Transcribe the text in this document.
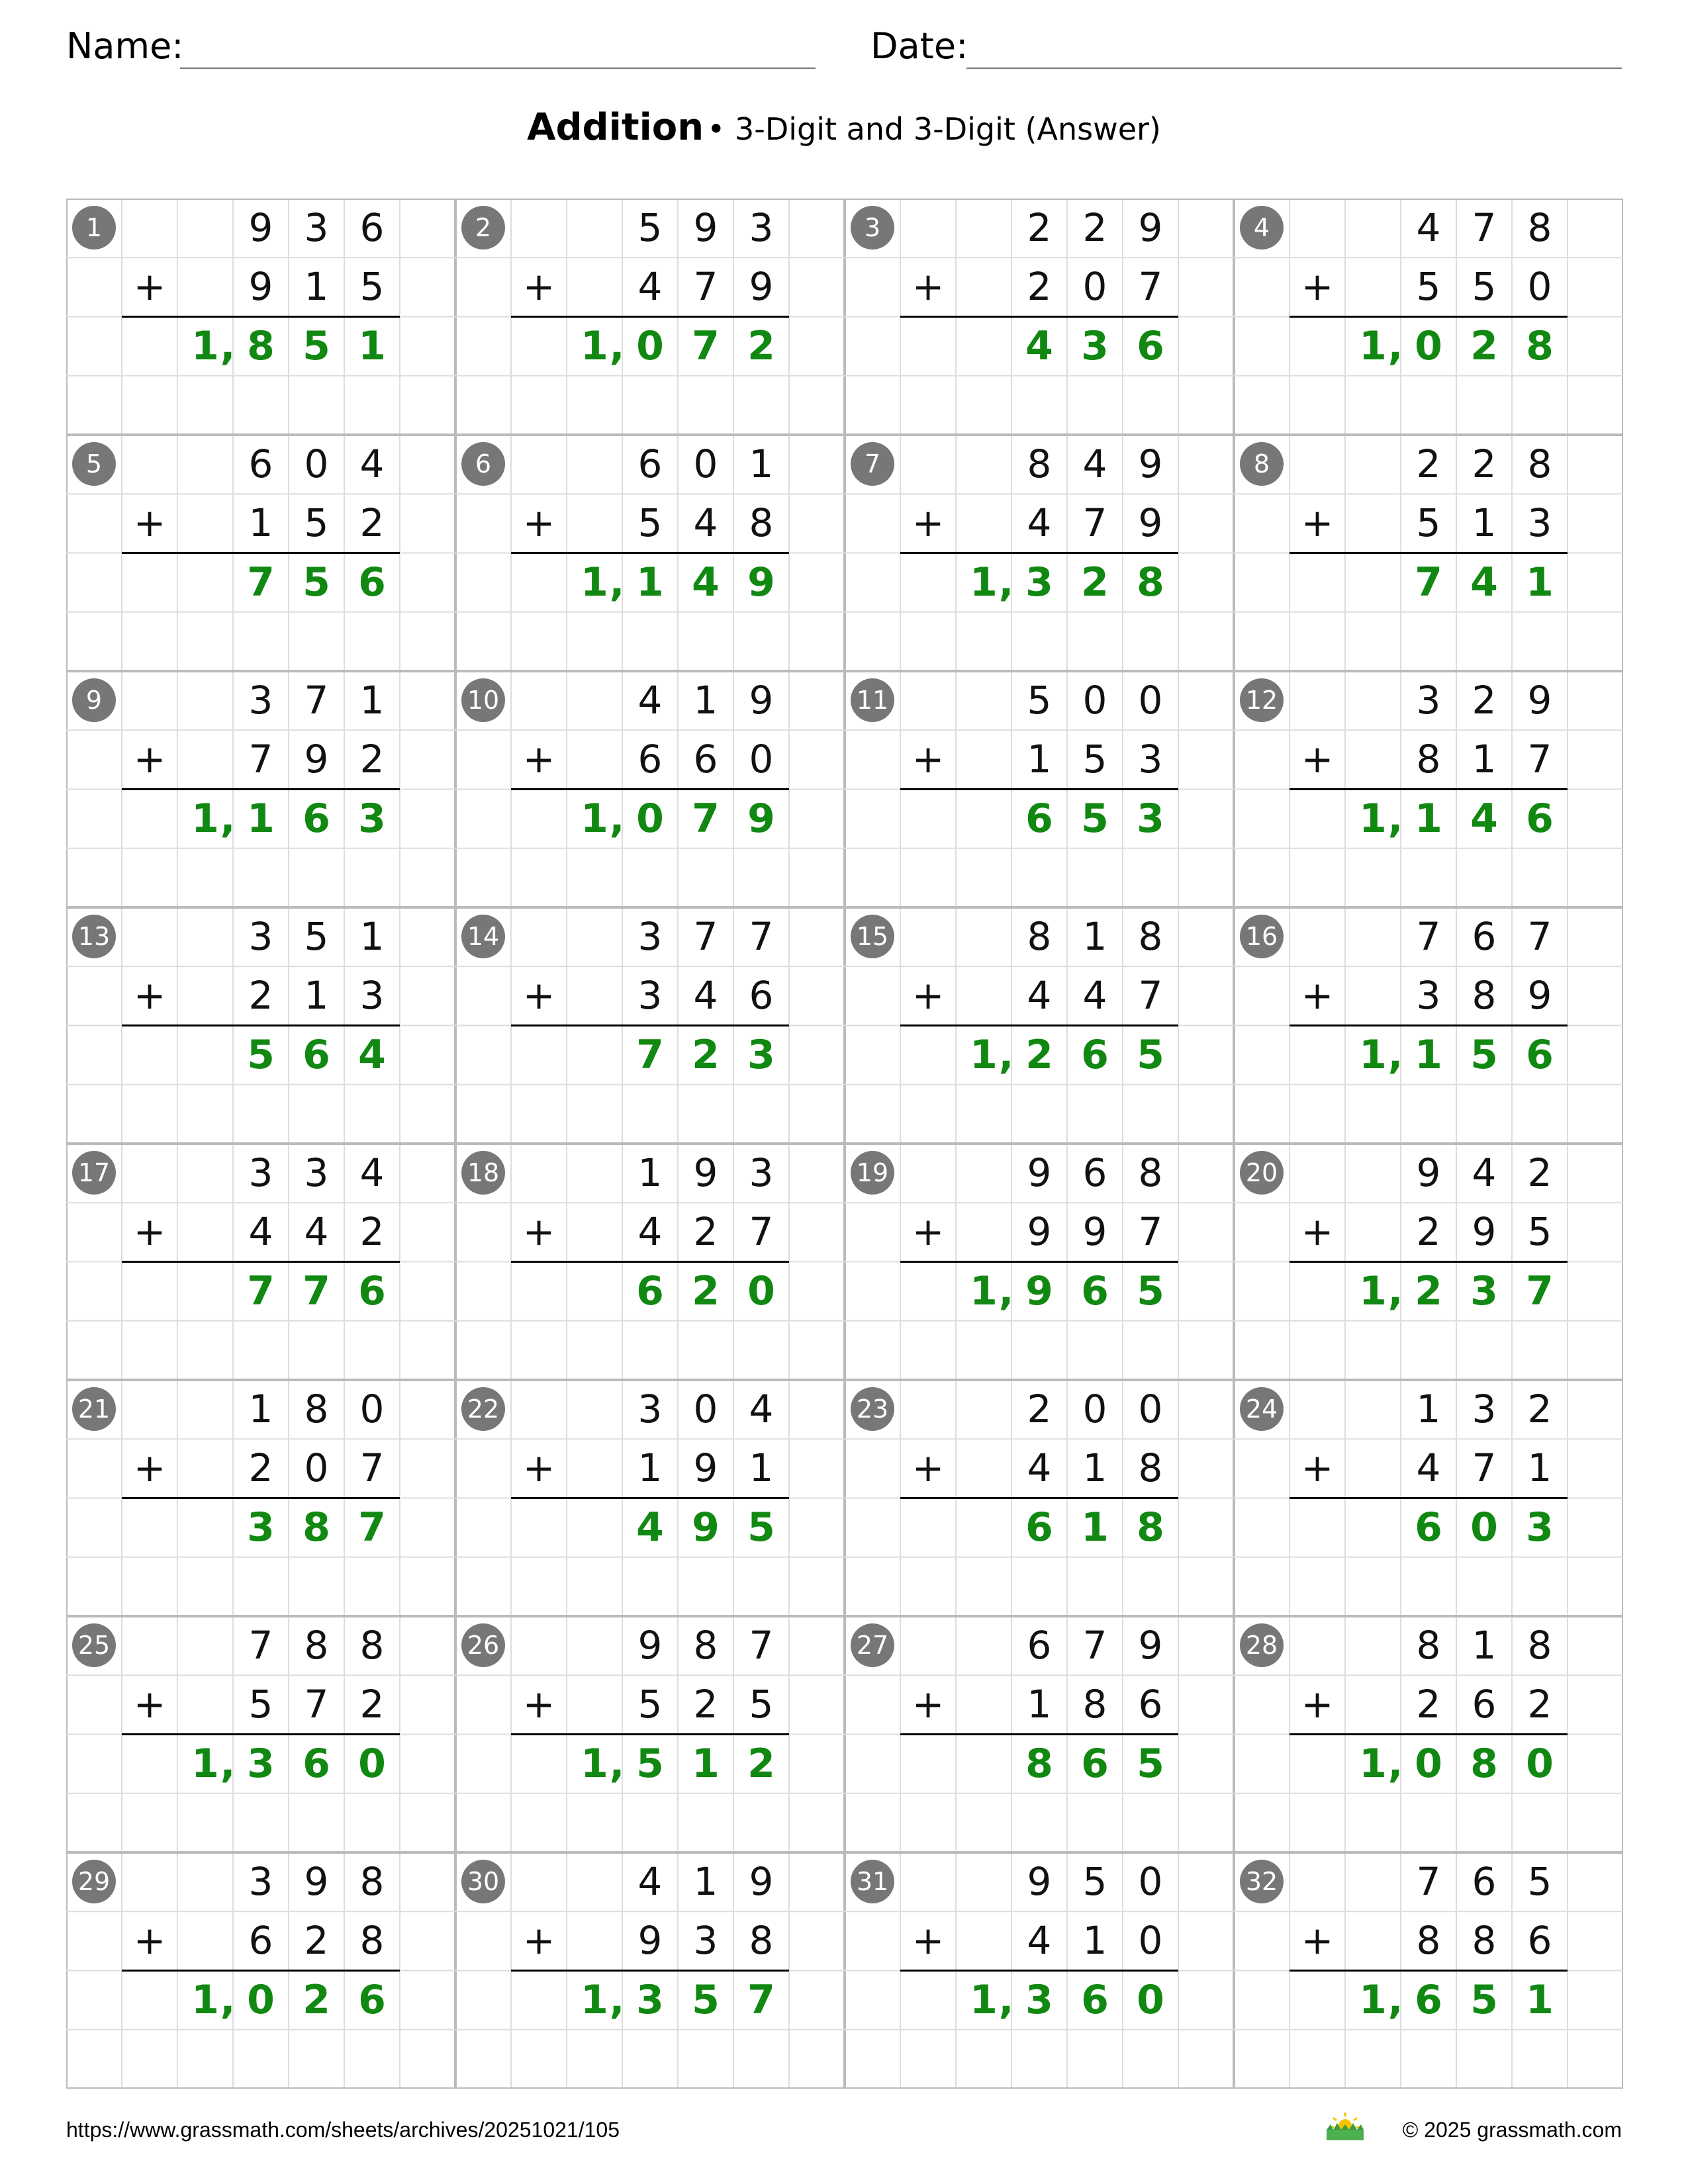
Name:	Date:
Addition • 3-Digit and 3-Digit (Answer)
1	9 3 6
+	9 1 5
1 8 5 1
,
2	5 9 3
+	4 7 9
1 0 7 2
,
3	2 2 9
+	2 0 7
4 3 6
4	4 7 8
+	5 5 0
1 0 2 8
,
5	6 0 4
+	1 5 2
7 5 6
6	6 0 1
+	5 4 8
1 1 4 9
,
7	8 4 9
+	4 7 9
1 3 2 8
,
8	2 2 8
+	5 1 3
7 4 1
9	3 7 1
+	7 9 2
1 1 6 3
,
10	4 1 9
+	6 6 0
1 0 7 9
,
11	5 0 0
+	1 5 3
6 5 3
12	3 2 9
+	8 1 7
1 1 4 6
,
13	3 5 1
+	2 1 3
5 6 4
14	3 7 7
+	3 4 6
7 2 3
15	8 1 8
+	4 4 7
1 2 6 5
,
16	7 6 7
+	3 8 9
1 1 5 6
,
17	3 3 4
+	4 4 2
7 7 6
18	1 9 3
+	4 2 7
6 2 0
19	9 6 8
+	9 9 7
1 9 6 5
,
20	9 4 2
+	2 9 5
1 2 3 7
,
21	1 8 0
+	2 0 7
3 8 7
22	3 0 4
+	1 9 1
4 9 5
23	2 0 0
+	4 1 8
6 1 8
24	1 3 2
+	4 7 1
6 0 3
25	7 8 8
+	5 7 2
1 3 6 0
,
26	9 8 7
+	5 2 5
1 5 1 2
,
27	6 7 9
+	1 8 6
8 6 5
28	8 1 8
+	2 6 2
1 0 8 0
,
29	3 9 8
+	6 2 8
1 0 2 6
,
30	4 1 9
+	9 3 8
1 3 5 7
,
31	9 5 0
+	4 1 0
1 3 6 0
,
32	7 6 5
+	8 8 6
1 6 5 1
,
https://www.grassmath.com/sheets/archives/20251021/105	© 2025 grassmath.com
